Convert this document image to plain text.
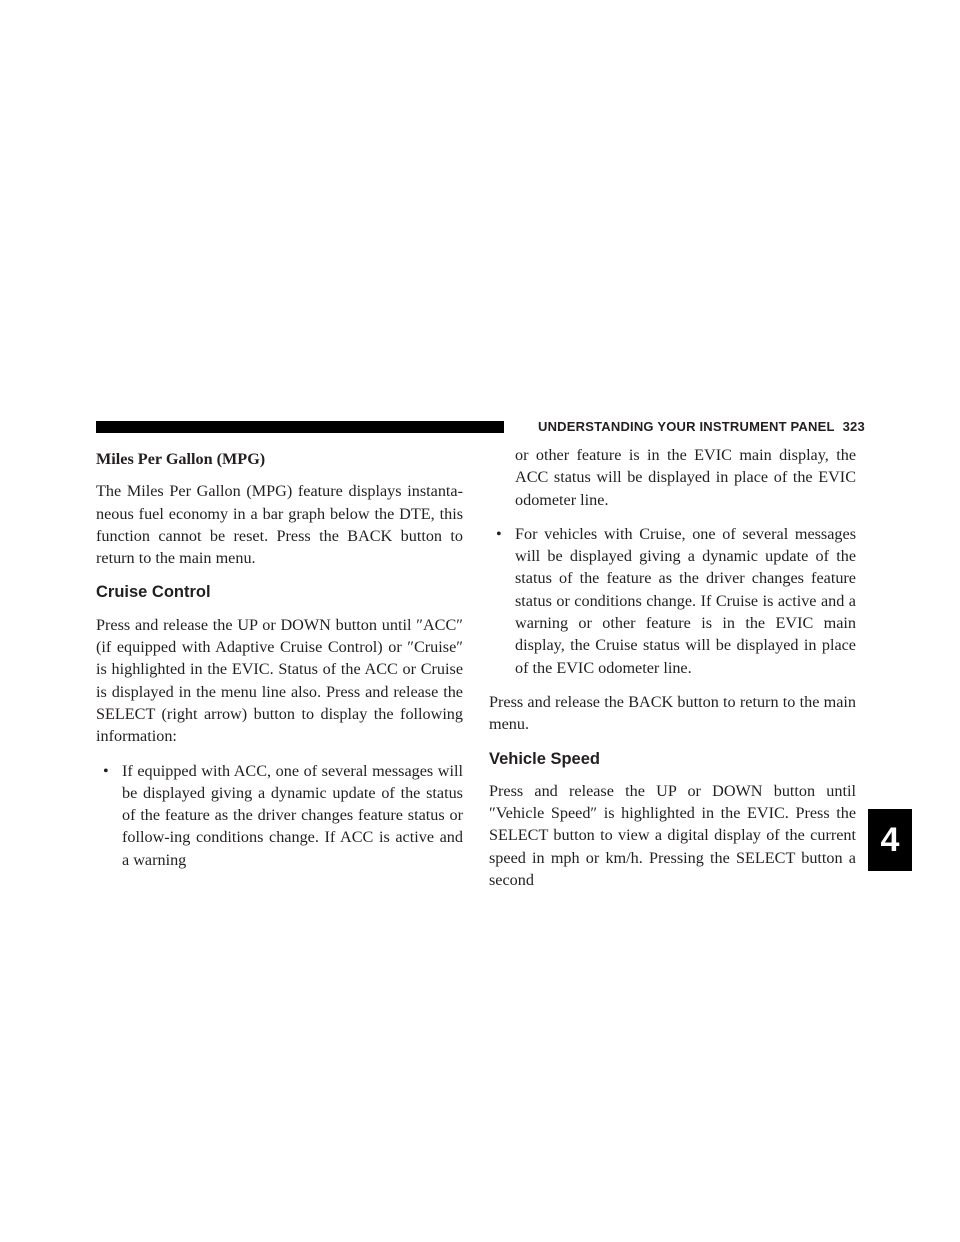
UNDERSTANDING YOUR INSTRUMENT PANEL 323
4

Miles Per Gallon (MPG)

The Miles Per Gallon (MPG) feature displays instanta-neous fuel economy in a bar graph below the DTE, this function cannot be reset. Press the BACK button to return to the main menu.

Cruise Control

Press and release the UP or DOWN button until ″ACC″ (if equipped with Adaptive Cruise Control) or ″Cruise″ is highlighted in the EVIC. Status of the ACC or Cruise is displayed in the menu line also. Press and release the SELECT (right arrow) button to display the following information:

• If equipped with ACC, one of several messages will be displayed giving a dynamic update of the status of the feature as the driver changes feature status or follow-ing conditions change. If ACC is active and a warning

or other feature is in the EVIC main display, the ACC status will be displayed in place of the EVIC odometer line.

• For vehicles with Cruise, one of several messages will be displayed giving a dynamic update of the status of the feature as the driver changes feature status or conditions change. If Cruise is active and a warning or other feature is in the EVIC main display, the Cruise status will be displayed in place of the EVIC odometer line.

Press and release the BACK button to return to the main menu.

Vehicle Speed

Press and release the UP or DOWN button until ″Vehicle Speed″ is highlighted in the EVIC. Press the SELECT button to view a digital display of the current speed in mph or km/h. Pressing the SELECT button a second
